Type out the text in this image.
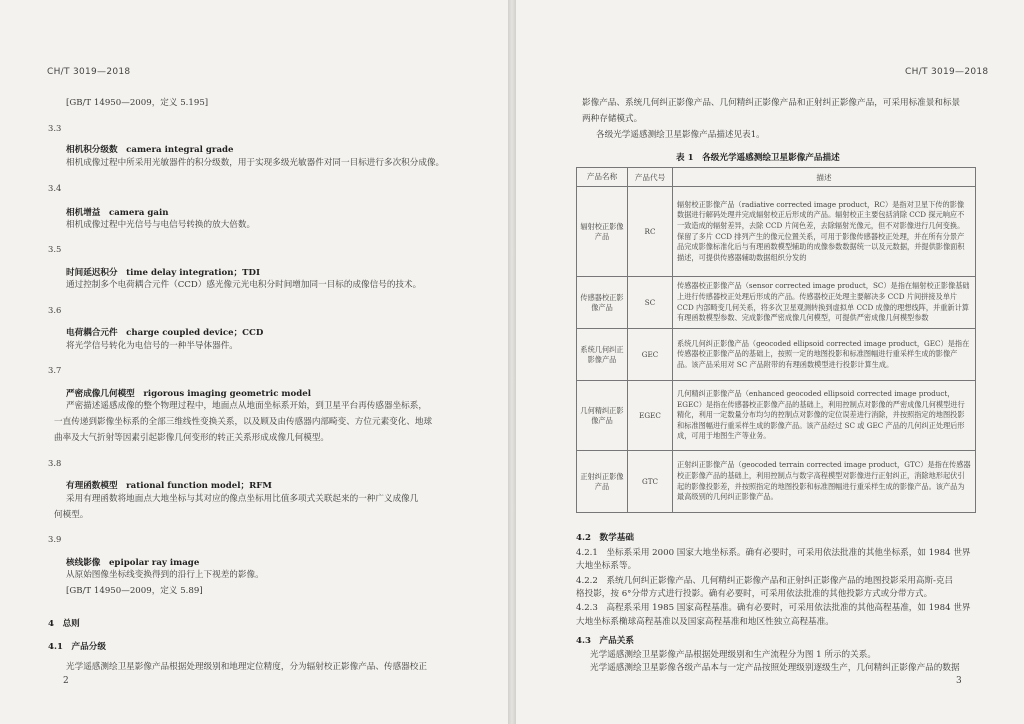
CH/T 3019—2018
[GB/T 14950—2009，定义 5.195]
3.3
相机积分级数　camera integral grade
相机成像过程中所采用光敏器件的积分级数，用于实现多级光敏器件对同一目标进行多次积分成像。
3.4
相机增益　camera gain
相机成像过程中光信号与电信号转换的放大倍数。
3.5
时间延迟积分　time delay integration；TDI
通过控制多个电荷耦合元件（CCD）感光像元光电积分时间增加同一目标的成像信号的技术。
3.6
电荷耦合元件　charge coupled device；CCD
将光学信号转化为电信号的一种半导体器件。
3.7
严密成像几何模型　rigorous imaging geometric model
严密描述遥感成像的整个物理过程中，地面点从地面坐标系开始，到卫星平台再传感器坐标系，
一直传递到影像坐标系的全部三维线性变换关系，以及顾及由传感器内部畸变、方位元素变化、地球
曲率及大气折射等因素引起影像几何变形的转正关系形成成像几何模型。
3.8
有理函数模型　rational function model；RFM
采用有理函数将地面点大地坐标与其对应的像点坐标用比值多项式关联起来的一种广义成像几
何模型。
3.9
核线影像　epipolar ray image
从原始图像坐标线变换得到的沿行上下视差的影像。
[GB/T 14950—2009，定义 5.89]
4　总则
4.1　产品分级
光学遥感测绘卫星影像产品根据处理级别和地理定位精度，分为辐射校正影像产品、传感器校正
2
CH/T 3019—2018
影像产品、系统几何纠正影像产品、几何精纠正影像产品和正射纠正影像产品，可采用标准景和标景
两种存储模式。
各级光学遥感测绘卫星影像产品描述见表1。
表 1　各级光学遥感测绘卫星影像产品描述
产品名称	产品代号	描述
辐射校正影像产品	RC	辐射校正影像产品（radiative corrected image product，RC）是指对卫星下传的影像数据进行解码处理并完成辐射校正后形成的产品。辐射校正主要包括消除 CCD 探元响应不一致造成的辐射差异，去除 CCD 片间色差，去除辐射光像元，但不对影像进行几何变换。保留了多片 CCD 排列产生的像元位置关系，可用于影像传感器校正处理，并在所有分景产品完成影像标准化后与有理函数模型辅助的成像参数数据统一以及元数据，并提供影像面积描述，可提供传感器辅助数据组织分发的
传感器校正影像产品	SC	传感器校正影像产品（sensor corrected image product，SC）是指在辐射校正影像基础上进行传感器校正处理后形成的产品。传感器校正处理主要解决多 CCD 片间拼接及单片 CCD 内部畸变几何关系，将多次卫星观测转换到虚拟单 CCD 成像的理想线阵，并重新计算有理函数模型参数、完成影像严密成像几何模型，可提供严密成像几何模型参数
系统几何纠正影像产品	GEC	系统几何纠正影像产品（geocoded ellipsoid corrected image product，GEC）是指在传感器校正影像产品的基础上，按照一定的地图投影和标准图幅进行重采样生成的影像产品。该产品采用对 SC 产品附带的有理函数模型进行投影计算生成。
几何精纠正影像产品	EGEC	几何精纠正影像产品（enhanced geocoded ellipsoid corrected image product，EGEC）是指在传感器校正影像产品的基础上，利用控制点对影像的严密成像几何模型进行精化，利用一定数量分布均匀的控制点对影像的定位误差进行消除，并按照指定的地图投影和标准图幅进行重采样生成的影像产品。该产品经过 SC 或 GEC 产品的几何纠正处理后形成，可用于地图生产等业务。
正射纠正影像产品	GTC	正射纠正影像产品（geocoded terrain corrected image product，GTC）是指在传感器校正影像产品的基础上，利用控制点与数字高程模型对影像进行正射纠正，消除地形起伏引起的影像投影差，并按照指定的地图投影和标准图幅进行重采样生成的影像产品。该产品为最高级别的几何纠正影像产品。
4.2　数学基础
4.2.1　坐标系采用 2000 国家大地坐标系。确有必要时，可采用依法批准的其他坐标系，如 1984 世界
大地坐标系等。
4.2.2　系统几何纠正影像产品、几何精纠正影像产品和正射纠正影像产品的地图投影采用高斯-克吕
格投影，按 6°分带方式进行投影。确有必要时，可采用依法批准的其他投影方式或分带方式。
4.2.3　高程系采用 1985 国家高程基准。确有必要时，可采用依法批准的其他高程基准，如 1984 世界
大地坐标系椭球高程基准以及国家高程基准和地区性独立高程基准。
4.3　产品关系
光学遥感测绘卫星影像产品根据处理级别和生产流程分为图 1 所示的关系。
光学遥感测绘卫星影像各级产品本与一定产品按照处理级别逐级生产，几何精纠正影像产品的数据
3
